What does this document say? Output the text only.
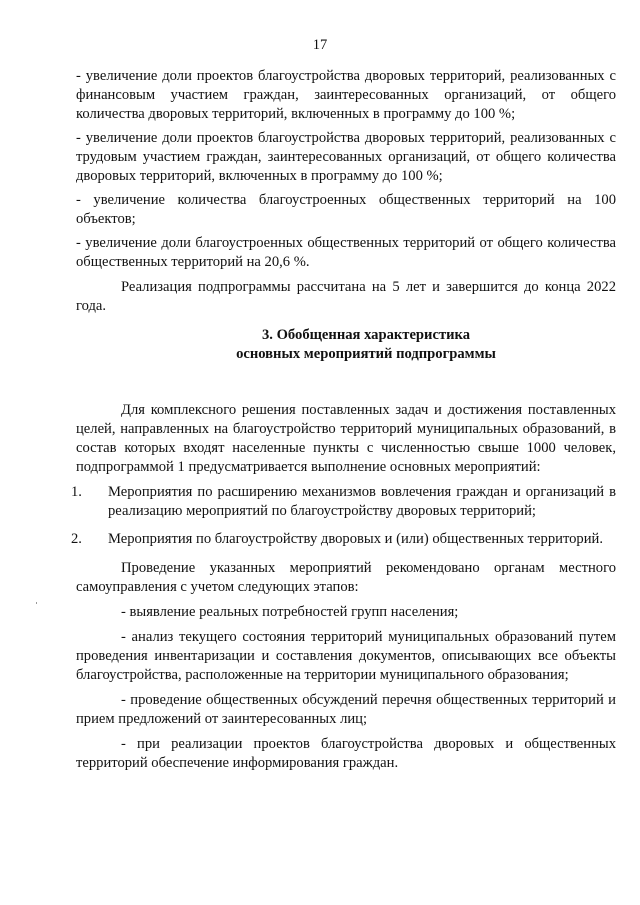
17

- увеличение доли проектов благоустройства дворовых территорий, реализованных с финансовым участием граждан, заинтересованных организаций, от общего количества дворовых территорий, включенных в программу до 100 %;

- увеличение доли проектов благоустройства дворовых территорий, реализованных с трудовым участием граждан, заинтересованных организаций, от общего количества дворовых территорий, включенных в программу до 100 %;

- увеличение количества благоустроенных общественных территорий на 100 объектов;

- увеличение доли благоустроенных общественных территорий от общего количества общественных территорий на 20,6 %.

Реализация подпрограммы рассчитана на 5 лет и завершится до конца 2022 года.

3. Обобщенная характеристика
основных мероприятий подпрограммы

Для комплексного решения поставленных задач и достижения поставленных целей, направленных на благоустройство территорий муниципальных образований, в состав которых входят населенные пункты с численностью свыше 1000 человек, подпрограммой 1 предусматривается выполнение основных мероприятий:

1.	Мероприятия по расширению механизмов вовлечения граждан и организаций в реализацию мероприятий по благоустройству дворовых территорий;
2.	Мероприятия по благоустройству дворовых и (или) общественных территорий.

Проведение указанных мероприятий рекомендовано органам местного самоуправления с учетом следующих этапов:

- выявление реальных потребностей групп населения;

- анализ текущего состояния территорий муниципальных образований путем проведения инвентаризации и составления документов, описывающих все объекты благоустройства, расположенные на территории муниципального образования;

- проведение общественных обсуждений перечня общественных территорий и прием предложений от заинтересованных лиц;

- при реализации проектов благоустройства дворовых и общественных территорий обеспечение информирования граждан.
